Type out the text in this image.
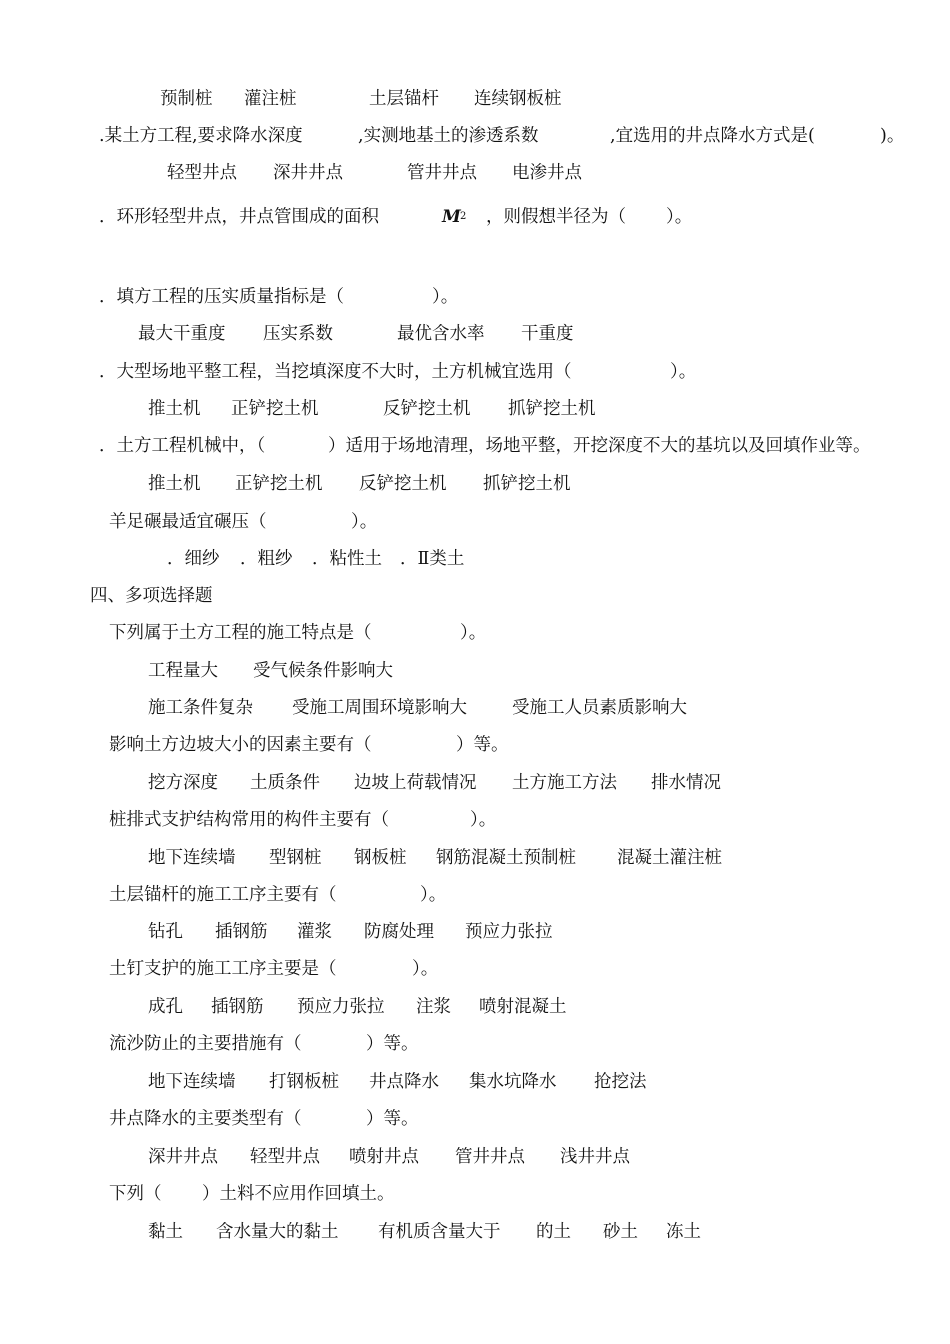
预制桩 灌注桩	土层锚杆 连续钢板桩
.某土方工程,要求降水深度	,实测地基土的渗透系数	,宜选用的井点降水方式是(	)。
轻型井点 深井井点	管井井点 电渗井点
．环形轻型井点，井点管围成的面积	M 2 ，则假想半径为（ ）。
．填方工程的压实质量指标是（	）。
最大干重度 压实系数	最优含水率 干重度
．大型场地平整工程，当挖填深度不大时，土方机械宜选用（	）。
推土机 正铲挖土机	反铲挖土机 抓铲挖土机
．土方工程机械中，（	）适用于场地清理，场地平整，开挖深度不大的基坑以及回填作业等。
推土机 正铲挖土机 反铲挖土机 抓铲挖土机
羊足碾最适宜碾压（	）。
．细纱 ．粗纱 ．粘性土 ．Ⅱ类土
四、多项选择题
下列属于土方工程的施工特点是（	）。
工程量大 受气候条件影响大
施工条件复杂 受施工周围环境影响大	受施工人员素质影响大
影响土方边坡大小的因素主要有（	）等。
挖方深度 土质条件 边坡上荷载情况 土方施工方法 排水情况
桩排式支护结构常用的构件主要有（	）。
地下连续墙 型钢桩 钢板桩 钢筋混凝土预制桩 混凝土灌注桩
土层锚杆的施工工序主要有（	）。
钻孔 插钢筋 灌浆 防腐处理 预应力张拉
土钉支护的施工工序主要是（	）。
成孔 插钢筋 预应力张拉 注浆 喷射混凝土
流沙防止的主要措施有（	）等。
地下连续墙 打钢板桩 井点降水 集水坑降水 抢挖法
井点降水的主要类型有（	）等。
深井井点 轻型井点 喷射井点 管井井点 浅井井点
下列（ ）土料不应用作回填土。
黏土 含水量大的黏土 有机质含量大于 的土 砂土 冻土
